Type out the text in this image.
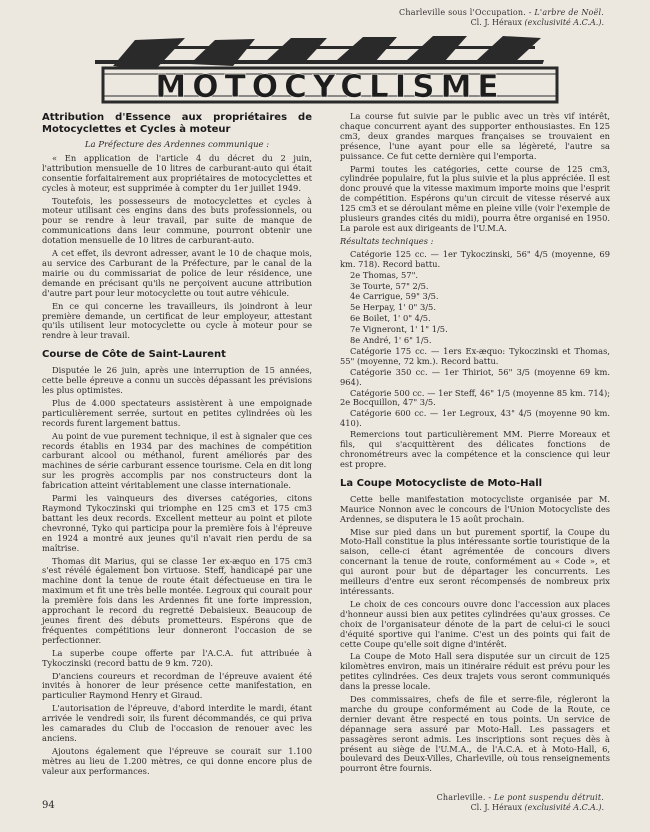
Charleville sous l'Occupation. - L'arbre de Noël.
Cl. J. Héraux (exclusivité A.C.A.).
MOTOCYCLISME
Attribution d'Essence aux propriétaires de Motocyclettes et Cycles à moteur
La Préfecture des Ardennes communique :

« En application de l'article 4 du décret du 2 juin, l'attribution mensuelle de 10 litres de carburant-auto qui était consentie forfaitairement aux propriétaires de motocyclettes et cycles à moteur, est supprimée à compter du 1er juillet 1949.

Toutefois, les possesseurs de motocyclettes et cycles à moteur utilisant ces engins dans des buts professionnels, ou pour se rendre à leur travail, par suite de manque de communications dans leur commune, pourront obtenir une dotation mensuelle de 10 litres de carburant-auto.

A cet effet, ils devront adresser, avant le 10 de chaque mois, au service des Carburant de la Préfecture, par le canal de la mairie ou du commissariat de police de leur résidence, une demande en précisant qu'ils ne perçoivent aucune attribution d'autre part pour leur motocyclette ou tout autre véhicule.

En ce qui concerne les travailleurs, ils joindront à leur première demande, un certificat de leur employeur, attestant qu'ils utilisent leur motocyclette ou cycle à moteur pour se rendre à leur travail.

Course de Côte de Saint-Laurent

Disputée le 26 juin, après une interruption de 15 années, cette belle épreuve a connu un succès dépassant les prévisions les plus optimistes.

Plus de 4.000 spectateurs assistèrent à une empoignade particulièrement serrée, surtout en petites cylindrées où les records furent largement battus.

Au point de vue purement technique, il est à signaler que ces records établis en 1934 par des machines de compétition carburant alcool ou méthanol, furent améliorés par des machines de série carburant essence tourisme. Cela en dit long sur les progrès accomplis par nos constructeurs dont la fabrication atteint véritablement une classe internationale.

Parmi les vainqueurs des diverses catégories, citons Raymond Tykoczinski qui triomphe en 125 cm3 et 175 cm3 battant les deux records. Excellent metteur au point et pilote chevronné, Tyko qui participa pour la première fois à l'épreuve en 1924 a montré aux jeunes qu'il n'avait rien perdu de sa maîtrise.

Thomas dit Marius, qui se classe 1er ex-æquo en 175 cm3 s'est révélé également bon virtuose. Steff, handicapé par une machine dont la tenue de route était défectueuse en tira le maximum et fit une très belle montée. Legroux qui courait pour la première fois dans les Ardennes fit une forte impression, approchant le record du regretté Debaisieux. Beaucoup de jeunes firent des débuts prometteurs. Espérons que de fréquentes compétitions leur donneront l'occasion de se perfectionner.

La superbe coupe offerte par l'A.C.A. fut attribuée à Tykoczinski (record battu de 9 km. 720).

D'anciens coureurs et recordman de l'épreuve avaient été invités à honorer de leur présence cette manifestation, en particulier Raymond Henry et Giraud.

L'autorisation de l'épreuve, d'abord interdite le mardi, étant arrivée le vendredi soir, ils furent décommandés, ce qui priva les camarades du Club de l'occasion de renouer avec les anciens.

Ajoutons également que l'épreuve se courait sur 1.100 mètres au lieu de 1.200 mètres, ce qui donne encore plus de valeur aux performances.

La course fut suivie par le public avec un très vif intérêt, chaque concurrent ayant des supporter enthousiastes. En 125 cm3, deux grandes marques françaises se trouvaient en présence, l'une ayant pour elle sa légèreté, l'autre sa puissance. Ce fut cette dernière qui l'emporta.

Parmi toutes les catégories, cette course de 125 cm3, cylindrée populaire, fut la plus suivie et la plus appréciée. Il est donc prouvé que la vitesse maximum importe moins que l'esprit de compétition. Espérons qu'un circuit de vitesse réservé aux 125 cm3 et se déroulant même en pleine ville (voir l'exemple de plusieurs grandes cités du midi), pourra être organisé en 1950. La parole est aux dirigeants de l'U.M.A.

Résultats techniques :

Catégorie 125 cc. — 1er Tykoczinski, 56" 4/5 (moyenne, 69 km. 718). Record battu.

2e Thomas, 57".

3e Tourte, 57" 2/5.

4e Carrigue, 59" 3/5.

5e Herpay, 1' 0" 3/5.

6e Boilet, 1' 0" 4/5.

7e Vigneront, 1' 1" 1/5.

8e André, 1' 6" 1/5.

Catégorie 175 cc. — 1ers Ex-æquo: Tykoczinski et Thomas, 55" (moyenne, 72 km.). Record battu.

Catégorie 350 cc. — 1er Thiriot, 56" 3/5 (moyenne 69 km. 964).

Catégorie 500 cc. — 1er Steff, 46" 1/5 (moyenne 85 km. 714); 2e Bocquillon, 47" 3/5.

Catégorie 600 cc. — 1er Legroux, 43" 4/5 (moyenne 90 km. 410).

Remercions tout particulièrement MM. Pierre Moreaux et fils, qui s'acquittèrent des délicates fonctions de chronométreurs avec la compétence et la conscience qui leur est propre.

La Coupe Motocycliste de Moto-Hall

Cette belle manifestation motocycliste organisée par M. Maurice Nonnon avec le concours de l'Union Motocycliste des Ardennes, se disputera le 15 août prochain.

Mise sur pied dans un but purement sportif, la Coupe du Moto-Hall constitue la plus intéressante sortie touristique de la saison, celle-ci étant agrémentée de concours divers concernant la tenue de route, conformément au « Code », et qui auront pour but de départager les concurrents. Les meilleurs d'entre eux seront récompensés de nombreux prix intéressants.

Le choix de ces concours ouvre donc l'accession aux places d'honneur aussi bien aux petites cylindrées qu'aux grosses. Ce choix de l'organisateur dénote de la part de celui-ci le souci d'équité sportive qui l'anime. C'est un des points qui fait de cette Coupe qu'elle soit digne d'intérêt.

La Coupe de Moto Hall sera disputée sur un circuit de 125 kilomètres environ, mais un itinéraire réduit est prévu pour les petites cylindrées. Ces deux trajets vous seront communiqués dans la presse locale.

Des commissaires, chefs de file et serre-file, régleront la marche du groupe conformément au Code de la Route, ce dernier devant être respecté en tous points. Un service de dépannage sera assuré par Moto-Hall. Les passagers et passagères seront admis. Les inscriptions sont reçues dès à présent au siège de l'U.M.A., de l'A.C.A. et à Moto-Hall, 6, boulevard des Deux-Villes, Charleville, où tous renseignements pourront être fournis.

94
Charleville. - Le pont suspendu détruit.
Cl. J. Héraux (exclusivité A.C.A.).
